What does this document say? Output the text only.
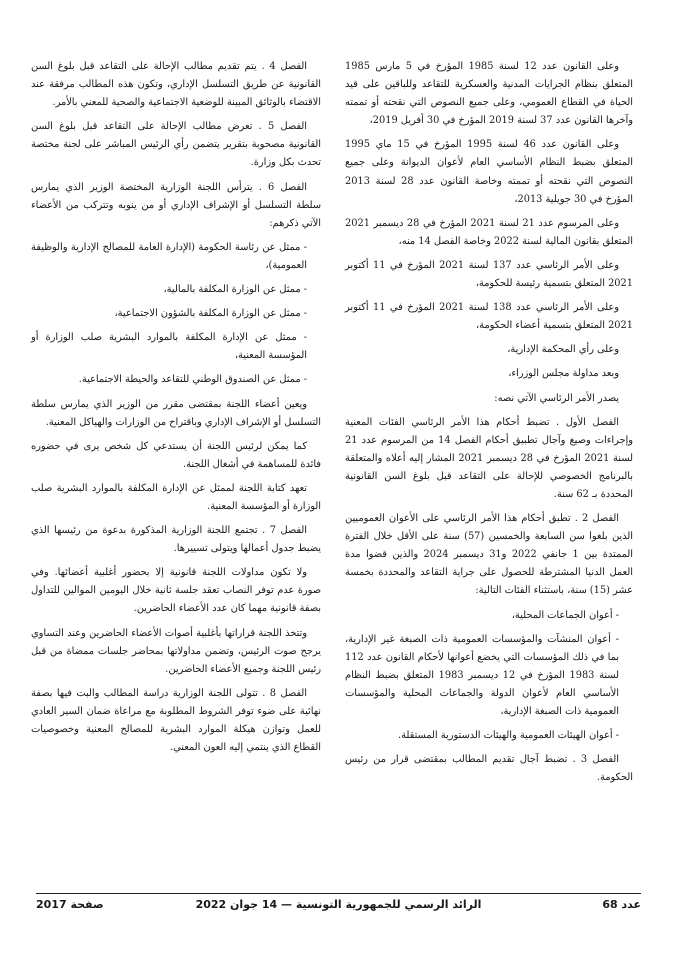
وعلى القانون عدد 12 لسنة 1985 المؤرخ في 5 مارس 1985 المتعلق بنظام الجرايات المدنية والعسكرية للتقاعد وللباقين على قيد الحياة في القطاع العمومي، وعلى جميع النصوص التي نقحته أو تممته وآخرها القانون عدد 37 لسنة 2019 المؤرخ في 30 أفريل 2019،

وعلى القانون عدد 46 لسنة 1995 المؤرخ في 15 ماي 1995 المتعلق بضبط النظام الأساسي العام لأعوان الديوانة وعلى جميع النصوص التي نقحته أو تممته وخاصة القانون عدد 28 لسنة 2013 المؤرخ في 30 جويلية 2013،

وعلى المرسوم عدد 21 لسنة 2021 المؤرخ في 28 ديسمبر 2021 المتعلق بقانون المالية لسنة 2022 وخاصة الفصل 14 منه،

وعلى الأمر الرئاسي عدد 137 لسنة 2021 المؤرخ في 11 أكتوبر 2021 المتعلق بتسمية رئيسة للحكومة،

وعلى الأمر الرئاسي عدد 138 لسنة 2021 المؤرخ في 11 أكتوبر 2021 المتعلق بتسمية أعضاء الحكومة،

وعلى رأي المحكمة الإدارية،

وبعد مداولة مجلس الوزراء،

يصدر الأمر الرئاسي الآتي نصه:

الفصل الأول . تضبط أحكام هذا الأمر الرئاسي الفئات المعنية وإجراءات وصيغ وآجال تطبيق أحكام الفصل 14 من المرسوم عدد 21 لسنة 2021 المؤرخ في 28 ديسمبر 2021 المشار إليه أعلاه والمتعلقة بالبرنامج الخصوصي للإحالة على التقاعد قبل بلوغ السن القانونية المحددة بـ 62 سنة.

الفصل 2 . تطبق أحكام هذا الأمر الرئاسي على الأعوان العموميين الذين بلغوا سن السابعة والخمسين (57) سنة على الأقل خلال الفترة الممتدة بين 1 جانفي 2022 و31 ديسمبر 2024 والذين قضوا مدة العمل الدنيا المشترطة للحصول على جراية التقاعد والمحددة بخمسة عشر (15) سنة، باستثناء الفئات التالية:

- أعوان الجماعات المحلية،

- أعوان المنشآت والمؤسسات العمومية ذات الصبغة غير الإدارية، بما في ذلك المؤسسات التي يخضع أعوانها لأحكام القانون عدد 112 لسنة 1983 المؤرخ في 12 ديسمبر 1983 المتعلق بضبط النظام الأساسي العام لأعوان الدولة والجماعات المحلية والمؤسسات العمومية ذات الصبغة الإدارية،

- أعوان الهيئات العمومية والهيئات الدستورية المستقلة.

الفصل 3 . تضبط آجال تقديم المطالب بمقتضى قرار من رئيس الحكومة.

الفصل 4 . يتم تقديم مطالب الإحالة على التقاعد قبل بلوغ السن القانونية عن طريق التسلسل الإداري، وتكون هذه المطالب مرفقة عند الاقتضاء بالوثائق المبينة للوضعية الاجتماعية والصحية للمعني بالأمر.

الفصل 5 . تعرض مطالب الإحالة على التقاعد قبل بلوغ السن القانونية مصحوبة بتقرير يتضمن رأي الرئيس المباشر على لجنة مختصة تحدث بكل وزارة.

الفصل 6 . يترأس اللجنة الوزارية المختصة الوزير الذي يمارس سلطة التسلسل أو الإشراف الإداري أو من ينوبه وتتركب من الأعضاء الآتي ذكرهم:

- ممثل عن رئاسة الحكومة (الإدارة العامة للمصالح الإدارية والوظيفة العمومية)،

- ممثل عن الوزارة المكلفة بالمالية،

- ممثل عن الوزارة المكلفة بالشؤون الاجتماعية،

- ممثل عن الإدارة المكلفة بالموارد البشرية صلب الوزارة أو المؤسسة المعنية،

- ممثل عن الصندوق الوطني للتقاعد والحيطة الاجتماعية.

ويعين أعضاء اللجنة بمقتضى مقرر من الوزير الذي يمارس سلطة التسلسل أو الإشراف الإداري وباقتراح من الوزارات والهياكل المعنية.

كما يمكن لرئيس اللجنة أن يستدعي كل شخص يرى في حضوره فائدة للمساهمة في أشغال اللجنة.

تعهد كتابة اللجنة لممثل عن الإدارة المكلفة بالموارد البشرية صلب الوزارة أو المؤسسة المعنية.

الفصل 7 . تجتمع اللجنة الوزارية المذكورة بدعوة من رئيسها الذي يضبط جدول أعمالها ويتولى تسييرها.

ولا تكون مداولات اللجنة قانونية إلا بحضور أغلبية أعضائها. وفي صورة عدم توفر النصاب تعقد جلسة ثانية خلال اليومين الموالين للتداول بصفة قانونية مهما كان عدد الأعضاء الحاضرين.

وتتخذ اللجنة قراراتها بأغلبية أصوات الأعضاء الحاضرين وعند التساوي يرجح صوت الرئيس، وتضمن مداولاتها بمحاضر جلسات ممضاة من قبل رئيس اللجنة وجميع الأعضاء الحاضرين.

الفصل 8 . تتولى اللجنة الوزارية دراسة المطالب والبت فيها بصفة نهائية على ضوء توفر الشروط المطلوبة مع مراعاة ضمان السير العادي للعمل وتوازن هيكلة الموارد البشرية للمصالح المعنية وخصوصيات القطاع الذي ينتمي إليه العون المعني.

عدد 68
الرائد الرسمي للجمهورية التونسية — 14 جوان 2022
صفحة 2017
